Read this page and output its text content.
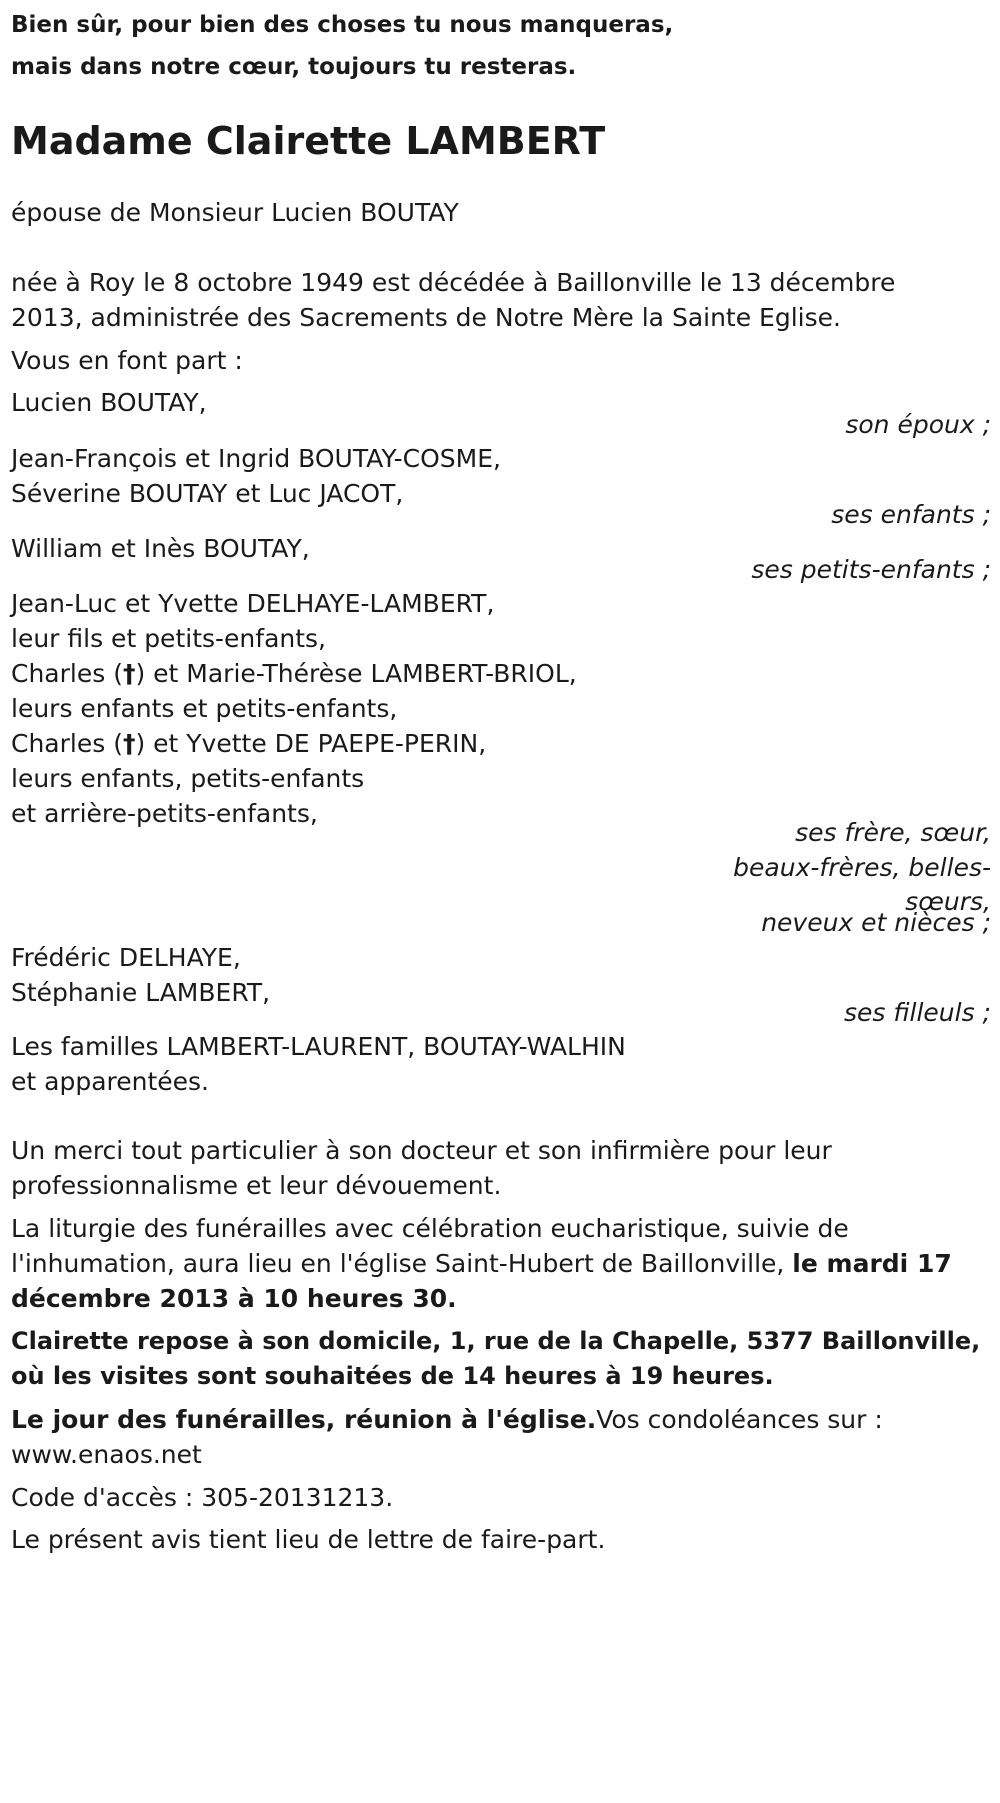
Bien sûr, pour bien des choses tu nous manqueras,
mais dans notre cœur, toujours tu resteras.
Madame Clairette LAMBERT
épouse de Monsieur Lucien BOUTAY
née à Roy le 8 octobre 1949 est décédée à Baillonville le 13 décembre
2013, administrée des Sacrements de Notre Mère la Sainte Eglise.
Vous en font part :
Lucien BOUTAY,
son époux ;
Jean-François et Ingrid BOUTAY-COSME,
Séverine BOUTAY et Luc JACOT,
ses enfants ;
William et Inès BOUTAY,
ses petits-enfants ;
Jean-Luc et Yvette DELHAYE-LAMBERT,
leur fils et petits-enfants,
Charles (†) et Marie-Thérèse LAMBERT-BRIOL,
leurs enfants et petits-enfants,
Charles (†) et Yvette DE PAEPE-PERIN,
leurs enfants, petits-enfants
et arrière-petits-enfants,
ses frère, sœur,
beaux-frères, belles-
sœurs,
neveux et nièces ;
Frédéric DELHAYE,
Stéphanie LAMBERT,
ses filleuls ;
Les familles LAMBERT-LAURENT, BOUTAY-WALHIN
et apparentées.
Un merci tout particulier à son docteur et son infirmière pour leur
professionnalisme et leur dévouement.
La liturgie des funérailles avec célébration eucharistique, suivie de
l'inhumation, aura lieu en l'église Saint-Hubert de Baillonville, le mardi 17
décembre 2013 à 10 heures 30.
Clairette repose à son domicile, 1, rue de la Chapelle, 5377 Baillonville,
où les visites sont souhaitées de 14 heures à 19 heures.
Le jour des funérailles, réunion à l'église.Vos condoléances sur :
www.enaos.net
Code d'accès : 305-20131213.
Le présent avis tient lieu de lettre de faire-part.
